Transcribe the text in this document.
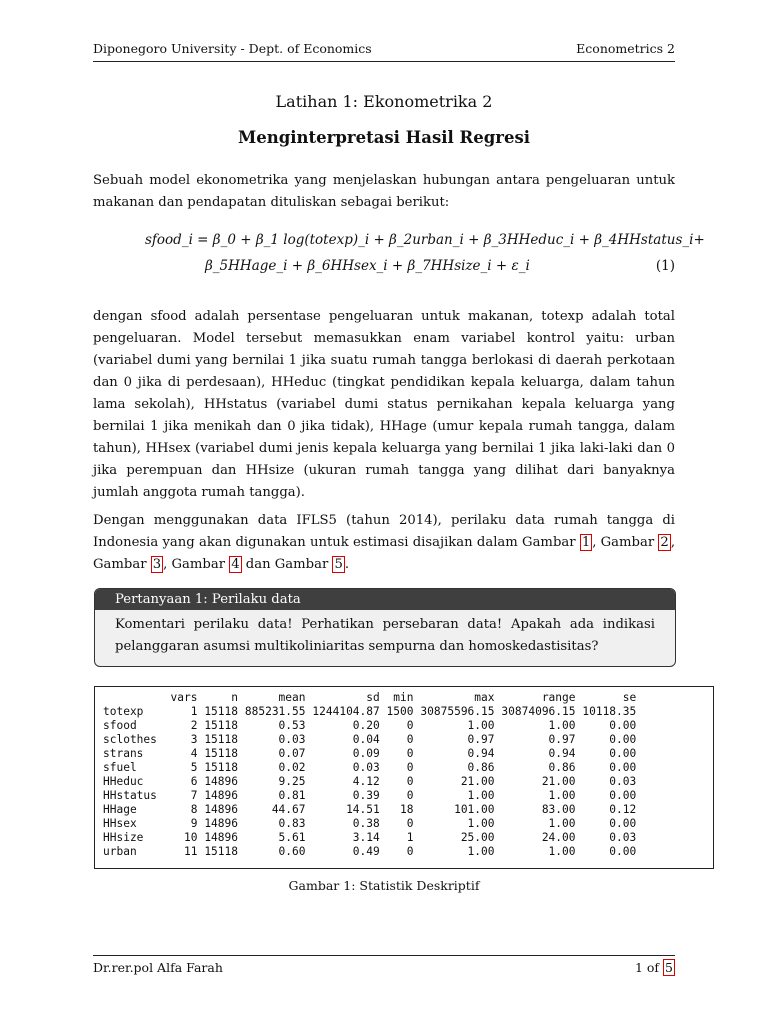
Diponegoro University - Dept. of Economics	Econometrics 2
Latihan 1: Ekonometrika 2
Menginterpretasi Hasil Regresi
Sebuah model ekonometrika yang menjelaskan hubungan antara pengeluaran untuk makanan dan pendapatan dituliskan sebagai berikut:
sfood_i = β_0 + β_1 log(totexp)_i + β_2urban_i + β_3HHeduc_i + β_4HHstatus_i+
β_5HHage_i + β_6HHsex_i + β_7HHsize_i + ε_i	(1)
dengan sfood adalah persentase pengeluaran untuk makanan, totexp adalah total pengeluaran. Model tersebut memasukkan enam variabel kontrol yaitu: urban (variabel dumi yang bernilai 1 jika suatu rumah tangga berlokasi di daerah perkotaan dan 0 jika di perdesaan), HHeduc (tingkat pendidikan kepala keluarga, dalam tahun lama sekolah), HHstatus (variabel dumi status pernikahan kepala keluarga yang bernilai 1 jika menikah dan 0 jika tidak), HHage (umur kepala rumah tangga, dalam tahun), HHsex (variabel dumi jenis kepala keluarga yang bernilai 1 jika laki-laki dan 0 jika perempuan dan HHsize (ukuran rumah tangga yang dilihat dari banyaknya jumlah anggota rumah tangga).
Dengan menggunakan data IFLS5 (tahun 2014), perilaku data rumah tangga di Indonesia yang akan digunakan untuk estimasi disajikan dalam Gambar 1 , Gambar 2 , Gambar 3 , Gambar 4 dan Gambar 5 .
Pertanyaan 1: Perilaku data
Komentari perilaku data! Perhatikan persebaran data! Apakah ada indikasi pelanggaran asumsi multikoliniaritas sempurna dan homoskedastisitas?
	vars	n	mean	sd	min	max	range	se
totexp	1	15118	885231.55	1244104.87	1500	30875596.15	30874096.15	10118.35
sfood	2	15118	0.53	0.20	0	1.00	1.00	0.00
sclothes	3	15118	0.03	0.04	0	0.97	0.97	0.00
strans	4	15118	0.07	0.09	0	0.94	0.94	0.00
sfuel	5	15118	0.02	0.03	0	0.86	0.86	0.00
HHeduc	6	14896	9.25	4.12	0	21.00	21.00	0.03
HHstatus	7	14896	0.81	0.39	0	1.00	1.00	0.00
HHage	8	14896	44.67	14.51	18	101.00	83.00	0.12
HHsex	9	14896	0.83	0.38	0	1.00	1.00	0.00
HHsize	10	14896	5.61	3.14	1	25.00	24.00	0.03
urban	11	15118	0.60	0.49	0	1.00	1.00	0.00
Gambar 1: Statistik Deskriptif
Dr.rer.pol Alfa Farah	1 of 5
